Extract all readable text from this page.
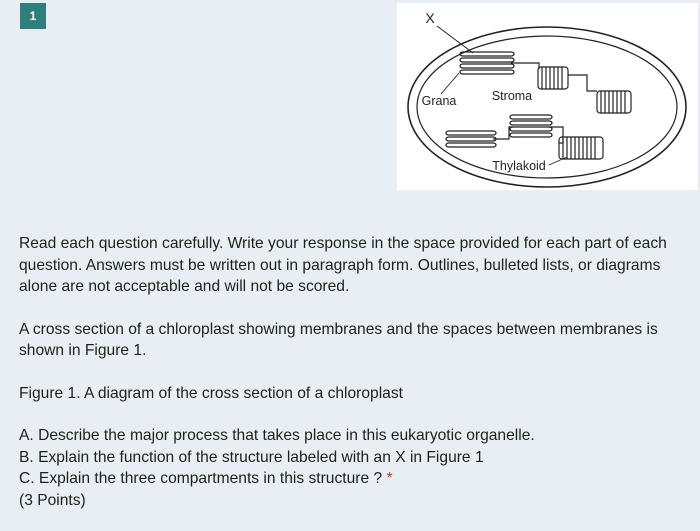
1	X
Grana	Stroma
Thylakoid

Read each question carefully. Write your response in the space provided for each part of each question. Answers must be written out in paragraph form. Outlines, bulleted lists, or diagrams alone are not acceptable and will not be scored.

A cross section of a chloroplast showing membranes and the spaces between membranes is shown in Figure 1.

Figure 1. A diagram of the cross section of a chloroplast

A. Describe the major process that takes place in this eukaryotic organelle.

B. Explain the function of the structure labeled with an X in Figure 1

C. Explain the three compartments in this structure ? *

(3 Points)
